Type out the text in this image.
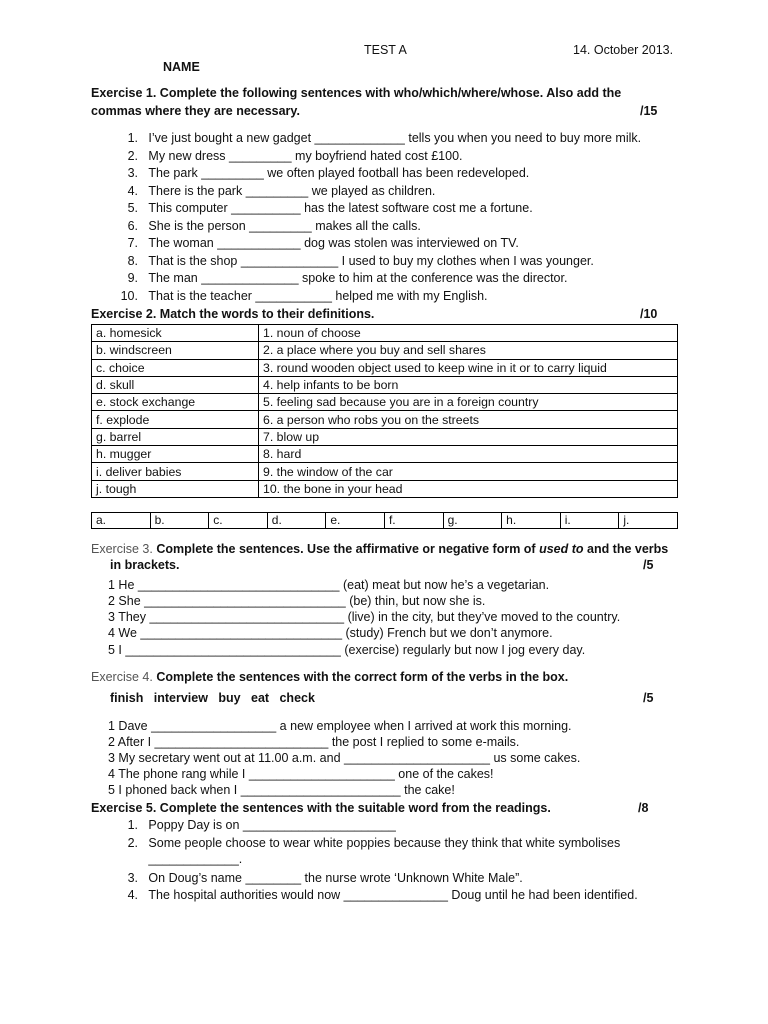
TEST A	14. October 2013.
NAME
Exercise 1. Complete the following sentences with who/which/where/whose. Also add the
commas where they are necessary.	/15
1. I’ve just bought a new gadget _____________ tells you when you need to buy more milk.
2. My new dress _________ my boyfriend hated cost £100.
3. The park _________ we often played football has been redeveloped.
4. There is the park _________ we played as children.
5. This computer __________ has the latest software cost me a fortune.
6. She is the person _________ makes all the calls.
7. The woman ____________ dog was stolen was interviewed on TV.
8. That is the shop ______________ I used to buy my clothes when I was younger.
9. The man ______________ spoke to him at the conference was the director.
10. That is the teacher ___________ helped me with my English.
Exercise 2. Match the words to their definitions.	/10
a. homesick	1. noun of choose
b. windscreen	2. a place where you buy and sell shares
c. choice	3. round wooden object used to keep wine in it or to carry liquid
d. skull	4. help infants to be born
e. stock exchange	5. feeling sad because you are in a foreign country
f. explode	6. a person who robs you on the streets
g. barrel	7. blow up
h. mugger	8. hard
i. deliver babies	9. the window of the car
j. tough	10. the bone in your head
a.	b.	c.	d.	e.	f.	g.	h.	i.	j.
Exercise 3. Complete the sentences. Use the affirmative or negative form of used to and the verbs
in brackets.	/5
1 He _____________________________ (eat) meat but now he’s a vegetarian.
2 She _____________________________ (be) thin, but now she is.
3 They ____________________________ (live) in the city, but they’ve moved to the country.
4 We _____________________________ (study) French but we don’t anymore.
5 I _______________________________ (exercise) regularly but now I jog every day.
Exercise 4. Complete the sentences with the correct form of the verbs in the box.
finish   interview   buy   eat   check	/5
1 Dave __________________ a new employee when I arrived at work this morning.
2 After I _________________________ the post I replied to some e-mails.
3 My secretary went out at 11.00 a.m. and _____________________ us some cakes.
4 The phone rang while I _____________________ one of the cakes!
5 I phoned back when I _______________________ the cake!
Exercise 5. Complete the sentences with the suitable word from the readings.	/8
1. Poppy Day is on ______________________
2. Some people choose to wear white poppies because they think that white symbolises
_____________.
3. On Doug’s name ________ the nurse wrote ‘Unknown White Male”.
4. The hospital authorities would now _______________ Doug until he had been identified.
